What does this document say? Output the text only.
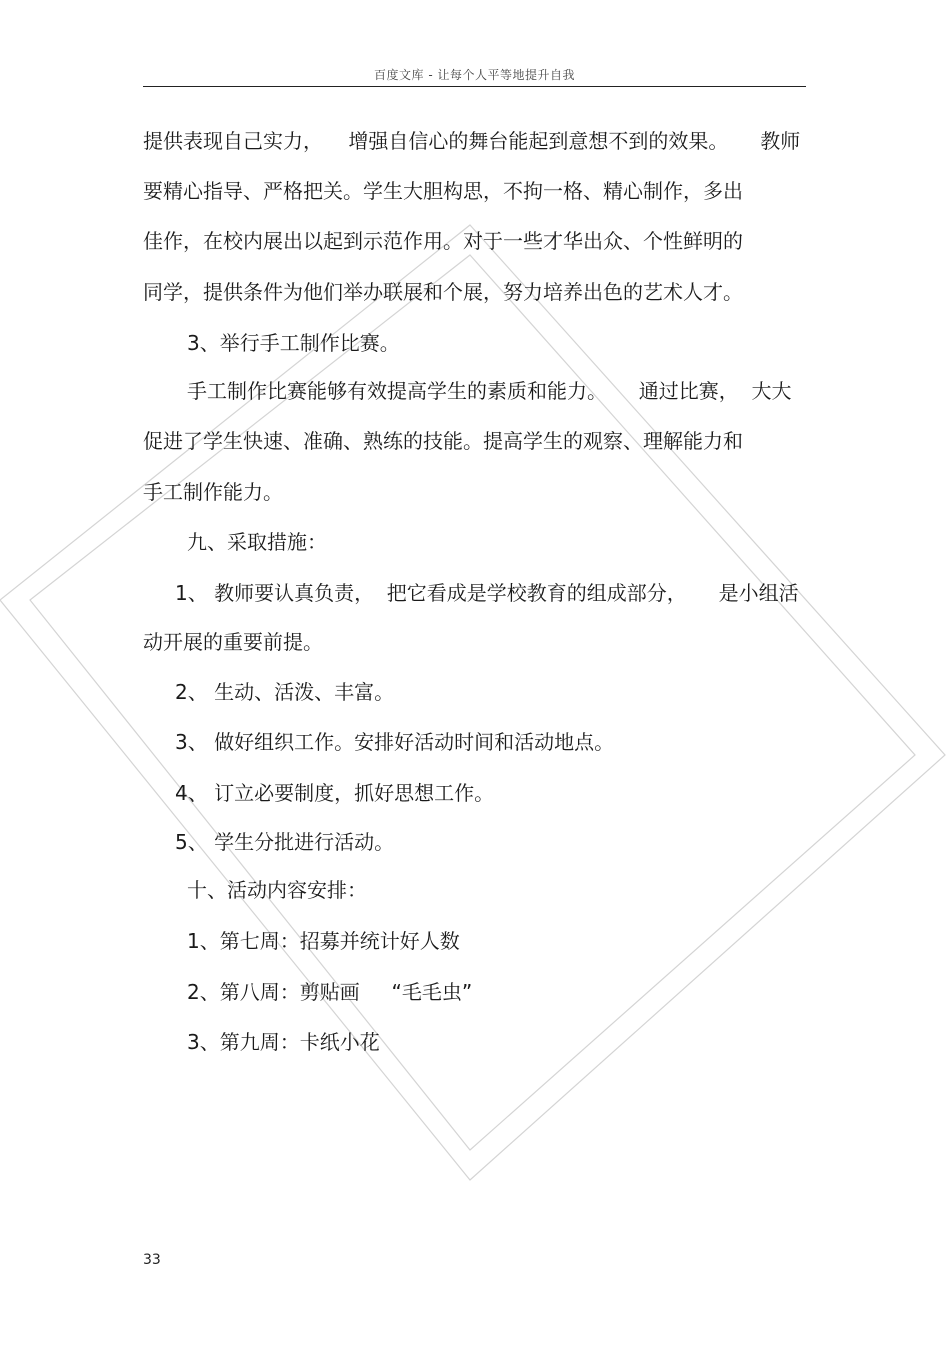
百度文库 - 让每个人平等地提升自我
提供表现自己实力，    增强自信心的舞台能起到意想不到的效果。     教师
要精心指导、严格把关。学生大胆构思，不拘一格、精心制作，多出
佳作，在校内展出以起到示范作用。对于一些才华出众、个性鲜明的
同学，提供条件为他们举办联展和个展，努力培养出色的艺术人才。
3、举行手工制作比赛。
手工制作比赛能够有效提高学生的素质和能力。     通过比赛，  大大
促进了学生快速、准确、熟练的技能。提高学生的观察、理解能力和
手工制作能力。
九、采取措施：
1、 教师要认真负责，  把它看成是学校教育的组成部分，     是小组活
动开展的重要前提。
2、 生动、活泼、丰富。
3、 做好组织工作。安排好活动时间和活动地点。
4、 订立必要制度，抓好思想工作。
5、 学生分批进行活动。
十、活动内容安排：
1、第七周：招募并统计好人数
2、第八周：剪贴画     “毛毛虫”
3、第九周：卡纸小花
33
